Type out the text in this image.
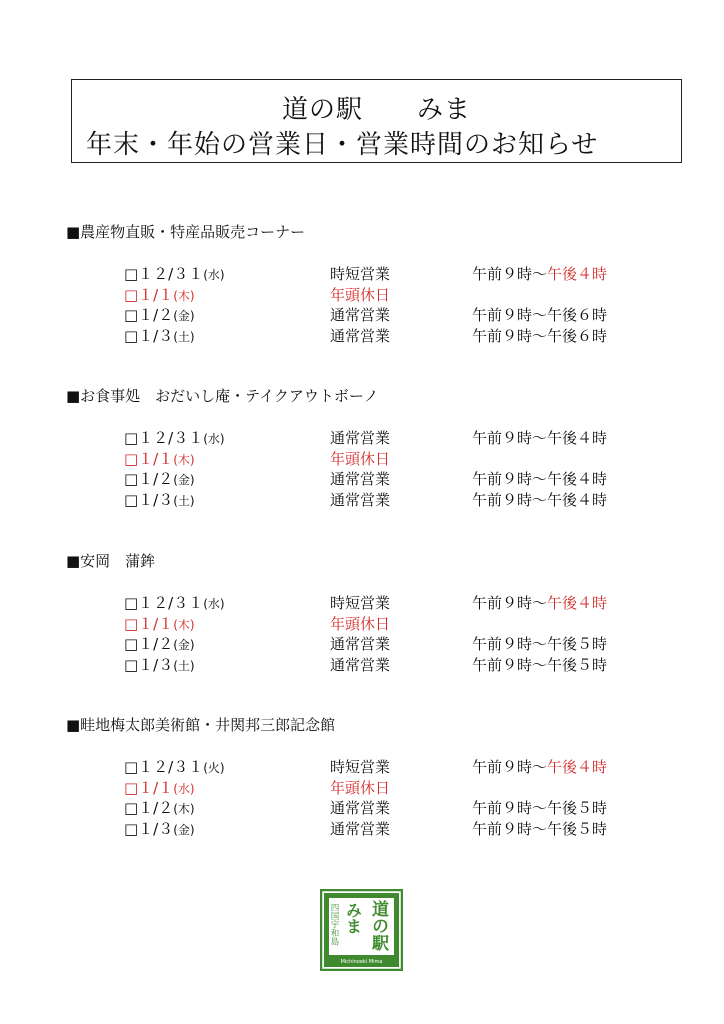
道の駅　　みま
年末・年始の営業日・営業時間のお知らせ
■農産物直販・特産品販売コーナー
□１２/３１(水)	時短営業	午前９時～午後４時
□１/１(木)	年頭休日
□１/２(金)	通常営業	午前９時～午後６時
□１/３(土)	通常営業	午前９時～午後６時
■お食事処　おだいし庵・テイクアウトボーノ
□１２/３１(水)	通常営業	午前９時～午後４時
□１/１(木)	年頭休日
□１/２(金)	通常営業	午前９時～午後４時
□１/３(土)	通常営業	午前９時～午後４時
■安岡　蒲鉾
□１２/３１(水)	時短営業	午前９時～午後４時
□１/１(木)	年頭休日
□１/２(金)	通常営業	午前９時～午後５時
□１/３(土)	通常営業	午前９時～午後５時
■畦地梅太郎美術館・井関邦三郎記念館
□１２/３１(火)	時短営業	午前９時～午後４時
□１/１(水)	年頭休日
□１/２(木)	通常営業	午前９時～午後５時
□１/３(金)	通常営業	午前９時～午後５時
四国宇和島 みま 道の駅
Michinoeki Mima
